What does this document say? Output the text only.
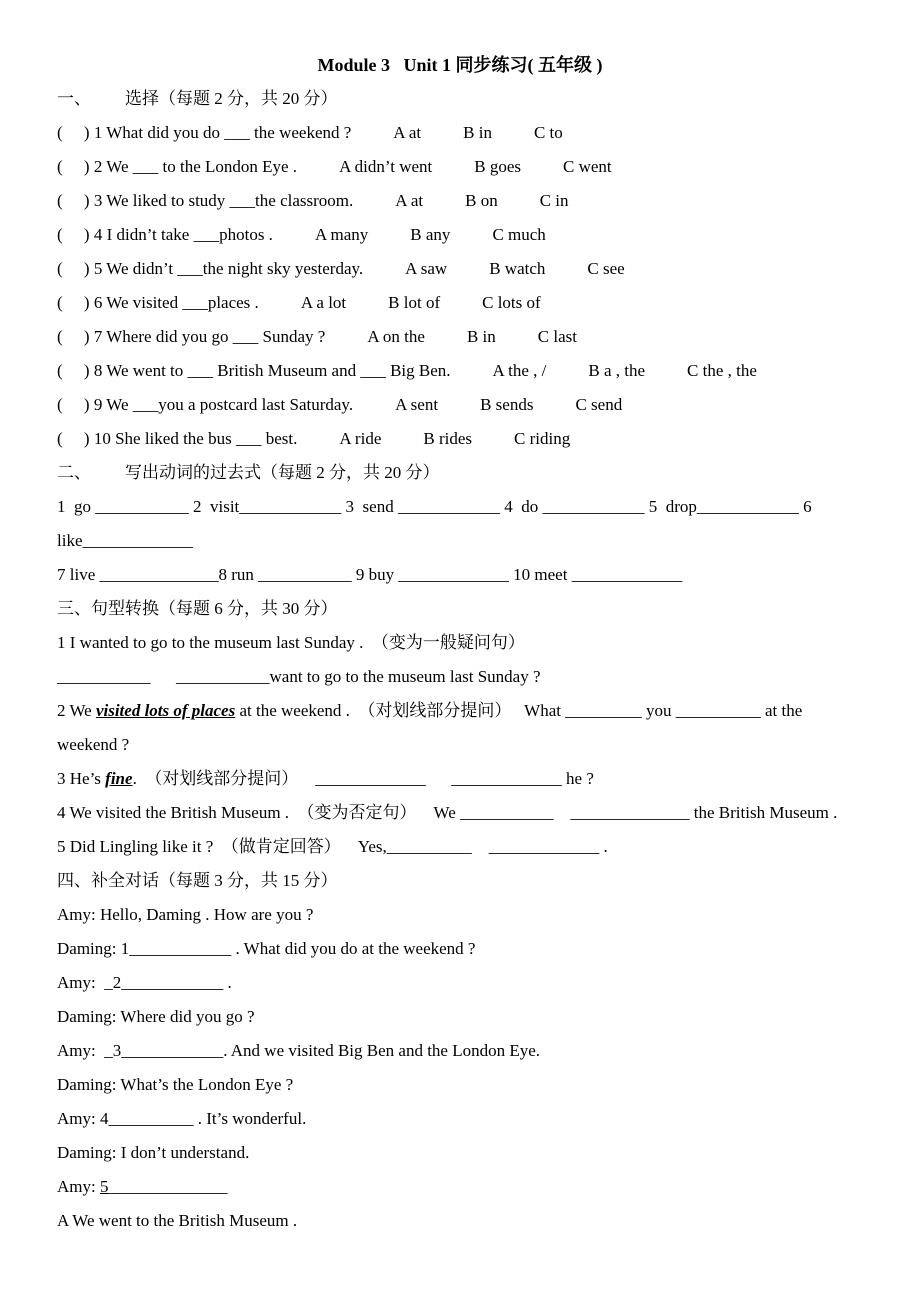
Module 3   Unit 1 同步练习( 五年级 )
一、        选择（每题 2 分，共 20 分）
(     ) 1 What did you do ___ the weekend ? A at B in C to
(     ) 2 We ___ to the London Eye . A didn’t went B goes C went
(     ) 3 We liked to study ___the classroom. A at B on C in
(     ) 4 I didn’t take ___photos . A many B any C much
(     ) 5 We didn’t ___the night sky yesterday. A saw B watch C see
(     ) 6 We visited ___places . A a lot B lot of C lots of
(     ) 7 Where did you go ___ Sunday ? A on the B in C last
(     ) 8 We went to ___ British Museum and ___ Big Ben. A the , / B a , the C the , the
(     ) 9 We ___you a postcard last Saturday. A sent B sends C send
(     ) 10 She liked the bus ___ best. A ride B rides C riding
二、        写出动词的过去式（每题 2 分，共 20 分）
1  go ___________ 2  visit____________ 3  send ____________ 4  do ____________ 5  drop____________ 6
like_____________
7 live ______________8 run ___________ 9 buy _____________ 10 meet _____________
三、句型转换（每题 6 分，共 30 分）
1 I wanted to go to the museum last Sunday .  （变为一般疑问句）
___________      ___________want to go to the museum last Sunday ?
2 We visited lots of places at the weekend .  （对划线部分提问）   What _________ you __________ at the
weekend ?
3 He’s fine.  （对划线部分提问）    _____________      _____________ he ?
4 We visited the British Museum .  （变为否定句）    We ___________    ______________ the British Museum .
5 Did Lingling like it ?  （做肯定回答）    Yes,__________    _____________ .
四、补全对话（每题 3 分，共 15 分）
Amy: Hello, Daming . How are you ?
Daming: 1____________ . What did you do at the weekend ?
Amy:  _2____________ .
Daming: Where did you go ?
Amy:  _3____________. And we visited Big Ben and the London Eye.
Daming: What’s the London Eye ?
Amy: 4__________ . It’s wonderful.
Daming: I don’t understand.
Amy: 5______________
A We went to the British Museum .
